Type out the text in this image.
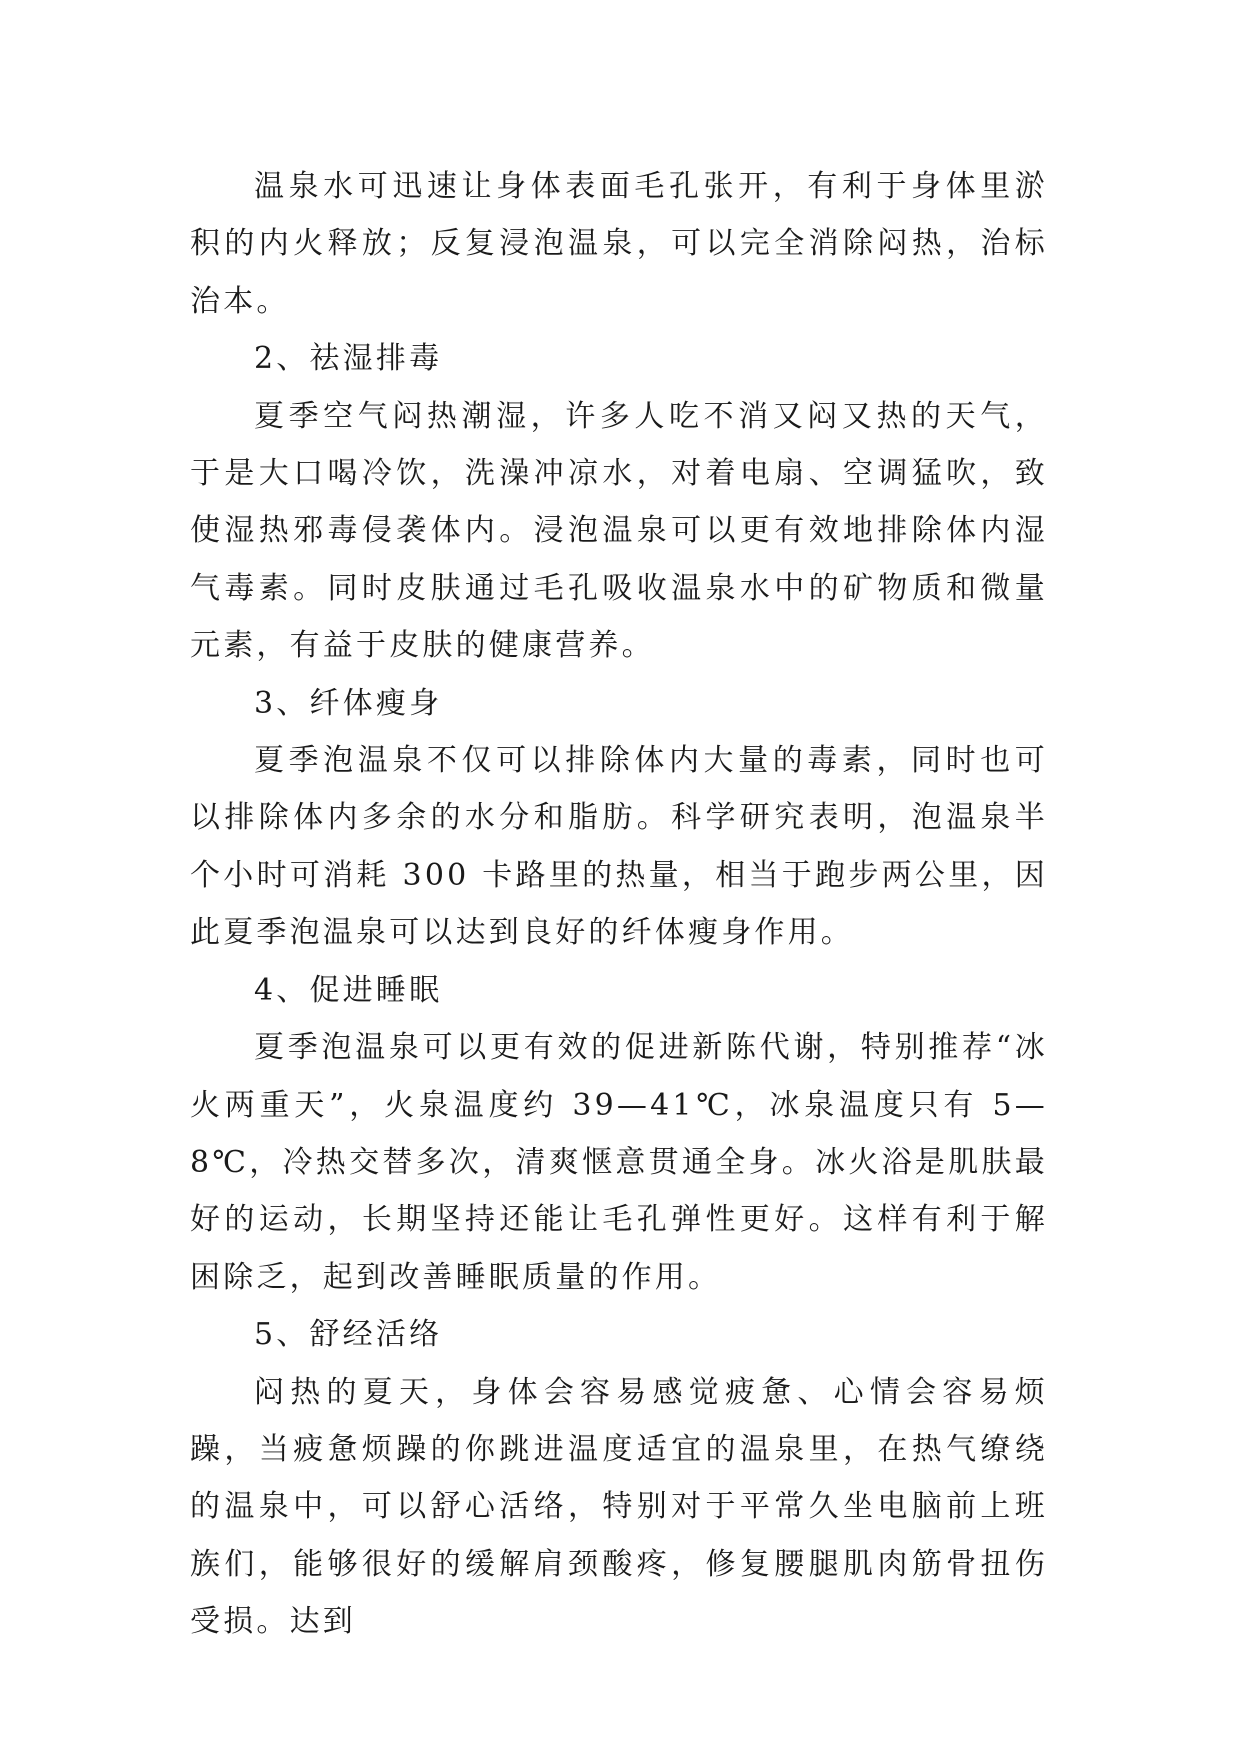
温泉水可迅速让身体表面毛孔张开，有利于身体里淤积的内火释放；反复浸泡温泉，可以完全消除闷热，治标治本。

2、祛湿排毒

夏季空气闷热潮湿，许多人吃不消又闷又热的天气，于是大口喝冷饮，洗澡冲凉水，对着电扇、空调猛吹，致使湿热邪毒侵袭体内。浸泡温泉可以更有效地排除体内湿气毒素。同时皮肤通过毛孔吸收温泉水中的矿物质和微量元素，有益于皮肤的健康营养。

3、纤体瘦身

夏季泡温泉不仅可以排除体内大量的毒素，同时也可以排除体内多余的水分和脂肪。科学研究表明，泡温泉半个小时可消耗 300 卡路里的热量，相当于跑步两公里，因此夏季泡温泉可以达到良好的纤体瘦身作用。

4、促进睡眠

夏季泡温泉可以更有效的促进新陈代谢，特别推荐“冰火两重天”，火泉温度约 39—41℃，冰泉温度只有 5—8℃，冷热交替多次，清爽惬意贯通全身。冰火浴是肌肤最好的运动，长期坚持还能让毛孔弹性更好。这样有利于解困除乏，起到改善睡眠质量的作用。

5、舒经活络

闷热的夏天，身体会容易感觉疲惫、心情会容易烦躁，当疲惫烦躁的你跳进温度适宜的温泉里，在热气缭绕的温泉中，可以舒心活络，特别对于平常久坐电脑前上班族们，能够很好的缓解肩颈酸疼，修复腰腿肌肉筋骨扭伤受损。达到
